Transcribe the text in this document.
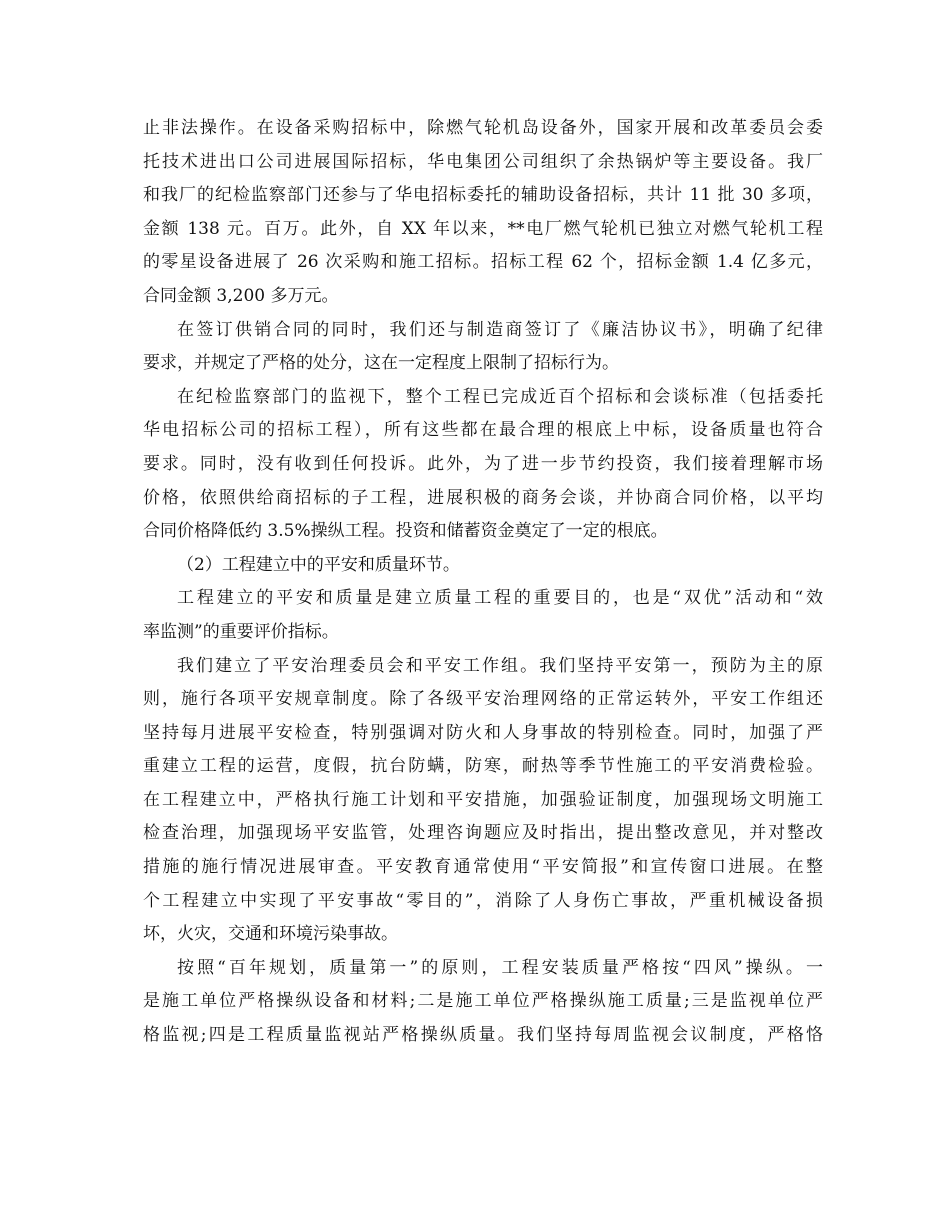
止非法操作。在设备采购招标中，除燃气轮机岛设备外，国家开展和改革委员会委
托技术进出口公司进展国际招标，华电集团公司组织了余热锅炉等主要设备。我厂
和我厂的纪检监察部门还参与了华电招标委托的辅助设备招标，共计 11 批 30 多项，
金额 138 元。百万。此外，自 XX 年以来，**电厂燃气轮机已独立对燃气轮机工程
的零星设备进展了 26 次采购和施工招标。招标工程 62 个，招标金额 1.4 亿多元，
合同金额 3,200 多万元。
在签订供销合同的同时，我们还与制造商签订了《廉洁协议书》，明确了纪律
要求，并规定了严格的处分，这在一定程度上限制了招标行为。
在纪检监察部门的监视下，整个工程已完成近百个招标和会谈标准（包括委托
华电招标公司的招标工程），所有这些都在最合理的根底上中标，设备质量也符合
要求。同时，没有收到任何投诉。此外，为了进一步节约投资，我们接着理解市场
价格，依照供给商招标的子工程，进展积极的商务会谈，并协商合同价格，以平均
合同价格降低约 3.5%操纵工程。投资和储蓄资金奠定了一定的根底。
（2）工程建立中的平安和质量环节。
工程建立的平安和质量是建立质量工程的重要目的，也是“双优”活动和“效
率监测”的重要评价指标。
我们建立了平安治理委员会和平安工作组。我们坚持平安第一，预防为主的原
则，施行各项平安规章制度。除了各级平安治理网络的正常运转外，平安工作组还
坚持每月进展平安检查，特别强调对防火和人身事故的特别检查。同时，加强了严
重建立工程的运营，度假，抗台防螨，防寒，耐热等季节性施工的平安消费检验。
在工程建立中，严格执行施工计划和平安措施，加强验证制度，加强现场文明施工
检查治理，加强现场平安监管，处理咨询题应及时指出，提出整改意见，并对整改
措施的施行情况进展审查。平安教育通常使用“平安简报”和宣传窗口进展。在整
个工程建立中实现了平安事故“零目的”，消除了人身伤亡事故，严重机械设备损
坏，火灾，交通和环境污染事故。
按照“百年规划，质量第一”的原则，工程安装质量严格按“四风”操纵。一
是施工单位严格操纵设备和材料;二是施工单位严格操纵施工质量;三是监视单位严
格监视;四是工程质量监视站严格操纵质量。我们坚持每周监视会议制度，严格恪
